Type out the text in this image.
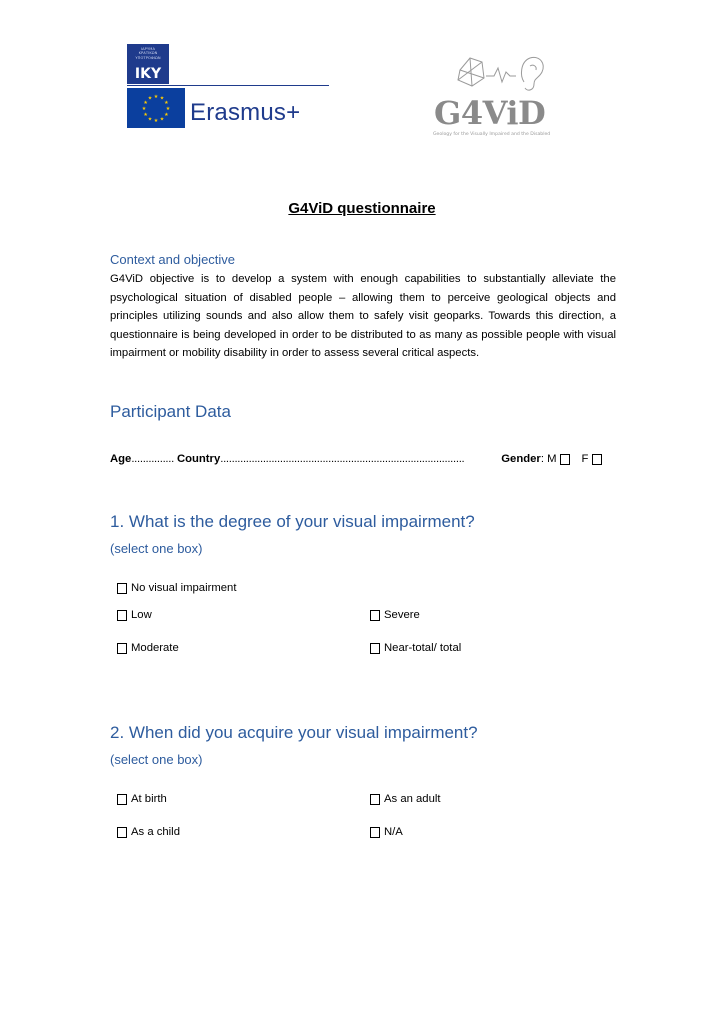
ΙΔΡΥΜΑ
ΚΡΑΤΙΚΩΝ
ΥΠΟΤΡΟΦΙΩΝ
IKY
★ ★
★
★
★
★
★
★
★
★
★
★
Erasmus+	G4ViD
Geology for the Visually Impaired and the Disabled
G4ViD questionnaire
Context and objective
G4ViD objective is to develop a system with enough capabilities to substantially alleviate the psychological situation of disabled people – allowing them to perceive geological objects and principles utilizing sounds and also allow them to safely visit geoparks. Towards this direction, a questionnaire is being developed in order to be distributed to as many as possible people with visual impairment or mobility disability in order to assess several critical aspects.
Participant Data
Age ............... Country ......................................................................................	Gender : M F
1. What is the degree of your visual impairment?
(select one box)
No visual impairment
Low	Severe
Moderate	Near-total/ total
2. When did you acquire your visual impairment?
(select one box)
At birth	As an adult
As a child	N/A
